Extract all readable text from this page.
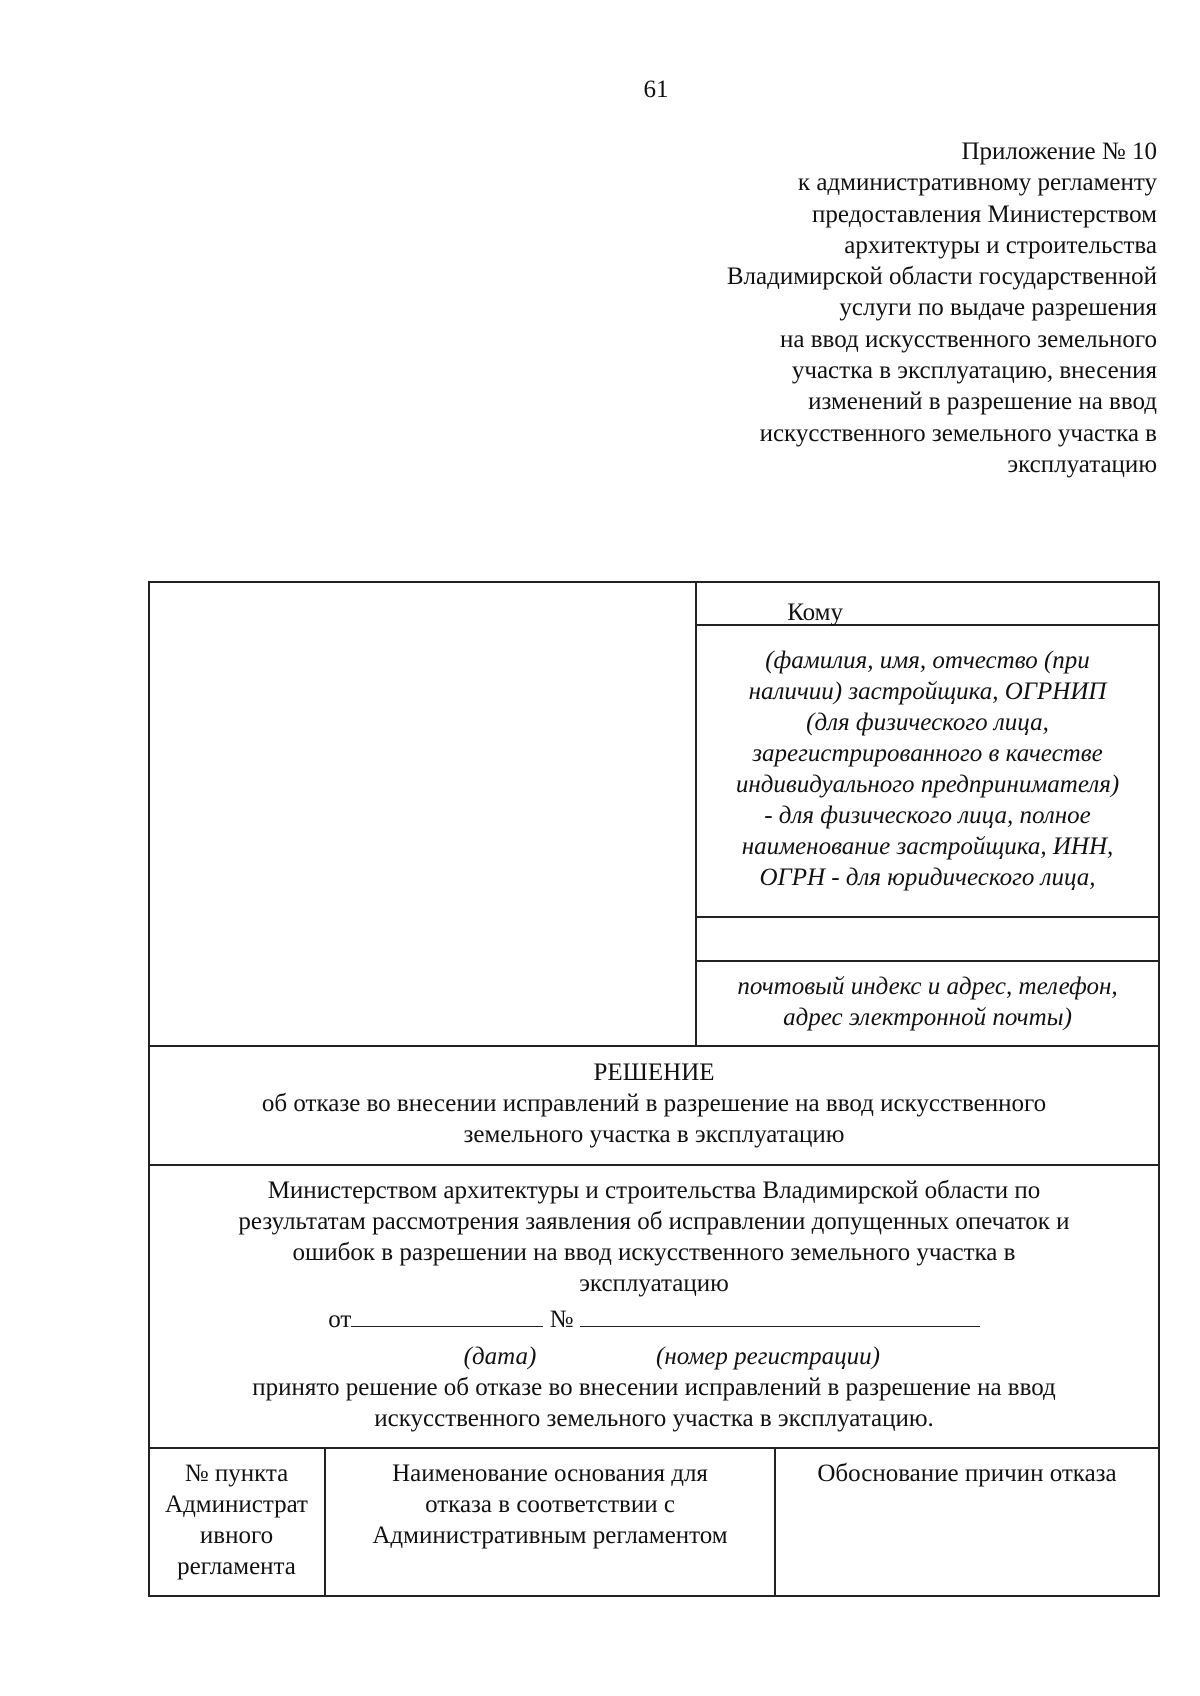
61
Приложение № 10
к административному регламенту
предоставления Министерством
архитектуры и строительства
Владимирской области государственной
услуги по выдаче разрешения
на ввод искусственного земельного
участка в эксплуатацию, внесения
изменений в разрешение на ввод
искусственного земельного участка в
эксплуатацию
Кому
(фамилия, имя, отчество (при
наличии) застройщика, ОГРНИП
(для физического лица,
зарегистрированного в качестве
индивидуального предпринимателя)
- для физического лица, полное
наименование застройщика, ИНН,
ОГРН - для юридического лица,
почтовый индекс и адрес, телефон,
адрес электронной почты)
РЕШЕНИЕ
об отказе во внесении исправлений в разрешение на ввод искусственного
земельного участка в эксплуатацию
Министерством архитектуры и строительства Владимирской области по
результатам рассмотрения заявления об исправлении допущенных опечаток и
ошибок в разрешении на ввод искусственного земельного участка в
эксплуатацию
от	№
(дата)	(номер регистрации)
принято решение об отказе во внесении исправлений в разрешение на ввод
искусственного земельного участка в эксплуатацию.
№ пункта
Администрат
ивного
регламента
Наименование основания для
отказа в соответствии с
Административным регламентом
Обоснование причин отказа
